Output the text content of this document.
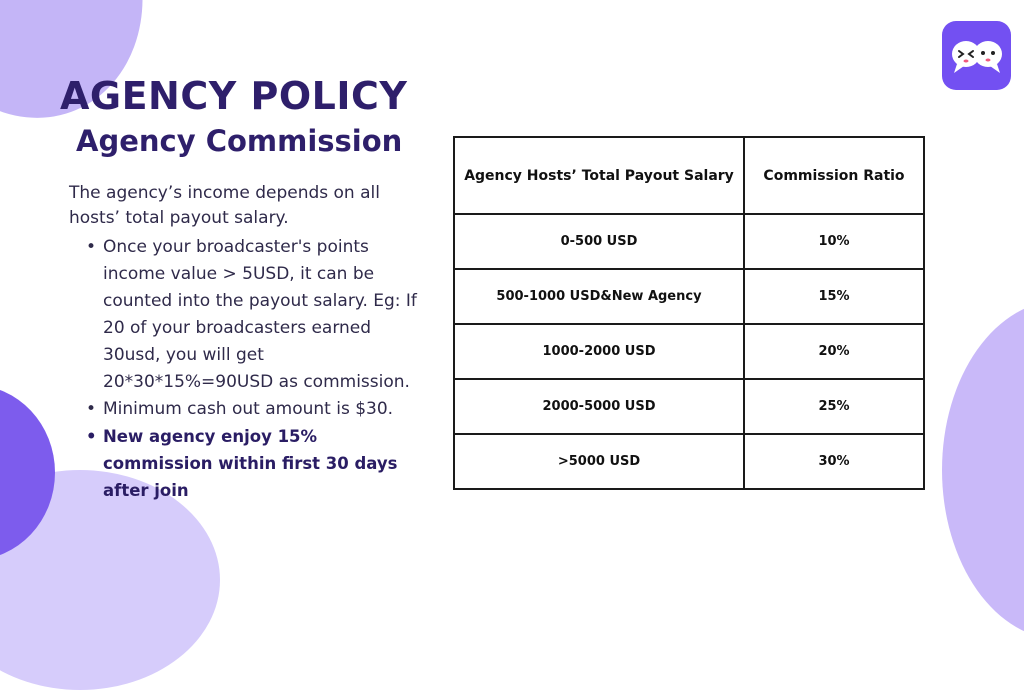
AGENCY POLICY
Agency Commission

The agency’s income depends on all hosts’ total payout salary.

• Once your broadcaster's points income value > 5USD, it can be counted into the payout salary. Eg: If 20 of your broadcasters earned 30usd, you will get 20*30*15%=90USD as commission.
• Minimum cash out amount is $30.
• New agency enjoy 15% commission within first 30 days after join
Agency Hosts’ Total Payout Salary	Commission Ratio
0-500 USD	10%
500-1000 USD&New Agency	15%
1000-2000 USD	20%
2000-5000 USD	25%
>5000 USD	30%
